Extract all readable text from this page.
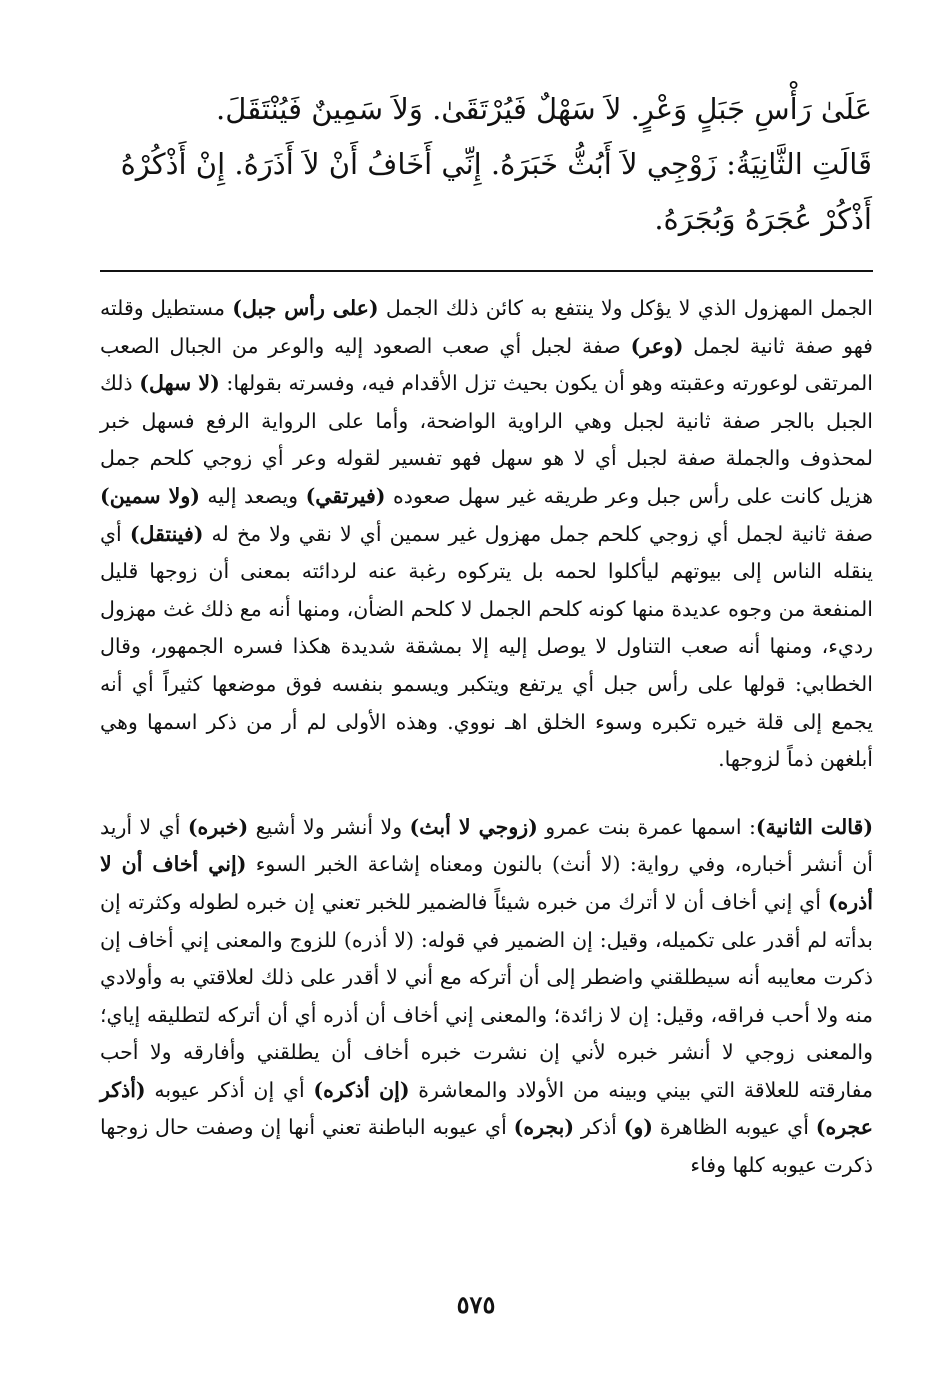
عَلَىٰ رَأْسِ جَبَلٍ وَعْرٍ. لاَ سَهْلٌ فَيُرْتَقَىٰ. وَلاَ سَمِينٌ فَيُنْتَقَلَ.

قَالَتِ الثَّانِيَةُ: زَوْجِي لاَ أَبُثُّ خَبَرَهُ. إِنِّي أَخَافُ أَنْ لاَ أَذَرَهُ. إِنْ أَذْكُرْهُ أَذْكُرْ عُجَرَهُ وَبُجَرَهُ.

الجمل المهزول الذي لا يؤكل ولا ينتفع به كائن ذلك الجمل (على رأس جبل) مستطيل وقلته فهو صفة ثانية لجمل (وعر) صفة لجبل أي صعب الصعود إليه والوعر من الجبال الصعب المرتقى لوعورته وعقبته وهو أن يكون بحيث تزل الأقدام فيه، وفسرته بقولها: (لا سهل) ذلك الجبل بالجر صفة ثانية لجبل وهي الراوية الواضحة، وأما على الرواية الرفع فسهل خبر لمحذوف والجملة صفة لجبل أي لا هو سهل فهو تفسير لقوله وعر أي زوجي كلحم جمل هزيل كانت على رأس جبل وعر طريقه غير سهل صعوده (فيرتقي) ويصعد إليه (ولا سمين) صفة ثانية لجمل أي زوجي كلحم جمل مهزول غير سمين أي لا نقي ولا مخ له (فينتقل) أي ينقله الناس إلى بيوتهم ليأكلوا لحمه بل يتركوه رغبة عنه لردائته بمعنى أن زوجها قليل المنفعة من وجوه عديدة منها كونه كلحم الجمل لا كلحم الضأن، ومنها أنه مع ذلك غث مهزول رديء، ومنها أنه صعب التناول لا يوصل إليه إلا بمشقة شديدة هكذا فسره الجمهور، وقال الخطابي: قولها على رأس جبل أي يرتفع ويتكبر ويسمو بنفسه فوق موضعها كثيراً أي أنه يجمع إلى قلة خيره تكبره وسوء الخلق اهـ نووي. وهذه الأولى لم أر من ذكر اسمها وهي أبلغهن ذماً لزوجها.

(قالت الثانية): اسمها عمرة بنت عمرو (زوجي لا أبث) ولا أنشر ولا أشيع (خبره) أي لا أريد أن أنشر أخباره، وفي رواية: (لا أنث) بالنون ومعناه إشاعة الخبر السوء (إني أخاف أن لا أذره) أي إني أخاف أن لا أترك من خبره شيئاً فالضمير للخبر تعني إن خبره لطوله وكثرته إن بدأته لم أقدر على تكميله، وقيل: إن الضمير في قوله: (لا أذره) للزوج والمعنى إني أخاف إن ذكرت معايبه أنه سيطلقني واضطر إلى أن أتركه مع أني لا أقدر على ذلك لعلاقتي به وأولادي منه ولا أحب فراقه، وقيل: إن لا زائدة؛ والمعنى إني أخاف أن أذره أي أن أتركه لتطليقه إياي؛ والمعنى زوجي لا أنشر خبره لأني إن نشرت خبره أخاف أن يطلقني وأفارقه ولا أحب مفارقته للعلاقة التي بيني وبينه من الأولاد والمعاشرة (إن أذكره) أي إن أذكر عيوبه (أذكر عجره) أي عيوبه الظاهرة (و) أذكر (بجره) أي عيوبه الباطنة تعني أنها إن وصفت حال زوجها ذكرت عيوبه كلها وفاء

٥٧٥
